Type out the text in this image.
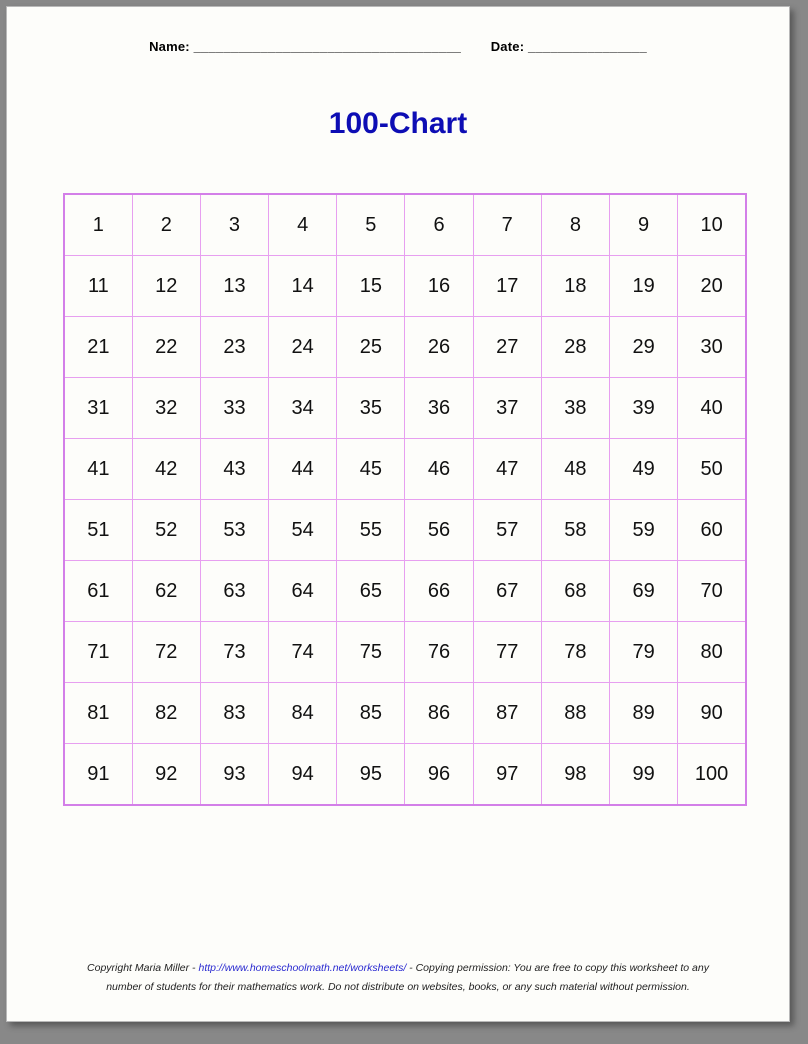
Name: ____________________________________ Date: ________________
100-Chart
1	2	3	4	5	6	7	8	9	10
11	12	13	14	15	16	17	18	19	20
21	22	23	24	25	26	27	28	29	30
31	32	33	34	35	36	37	38	39	40
41	42	43	44	45	46	47	48	49	50
51	52	53	54	55	56	57	58	59	60
61	62	63	64	65	66	67	68	69	70
71	72	73	74	75	76	77	78	79	80
81	82	83	84	85	86	87	88	89	90
91	92	93	94	95	96	97	98	99	100
Copyright Maria Miller - http://www.homeschoolmath.net/worksheets/ - Copying permission: You are free to copy this worksheet to any
number of students for their mathematics work. Do not distribute on websites, books, or any such material without permission.
